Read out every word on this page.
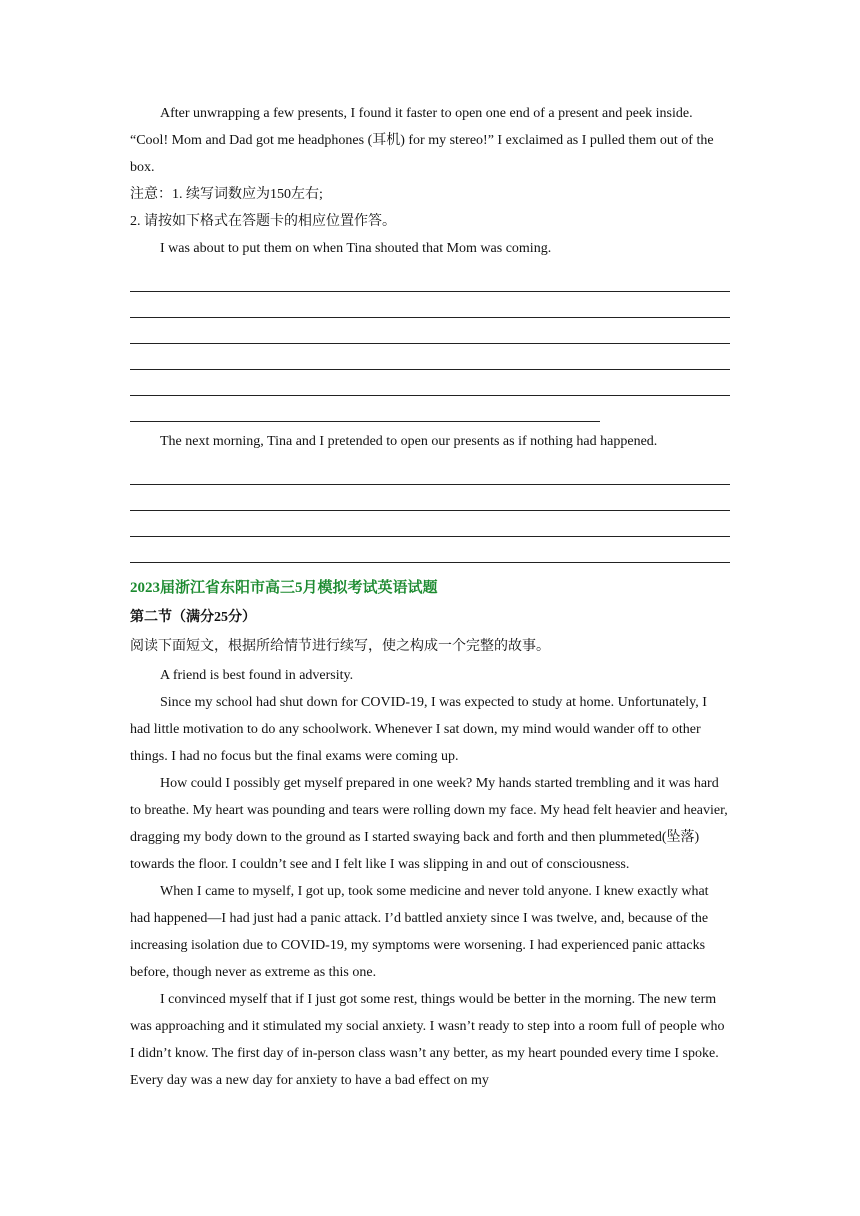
After unwrapping a few presents, I found it faster to open one end of a present and peek inside. “Cool! Mom and Dad got me headphones (耳机) for my stereo!” I exclaimed as I pulled them out of the box.

注意：1. 续写词数应为150左右;

2. 请按如下格式在答题卡的相应位置作答。

I was about to put them on when Tina shouted that Mom was coming.

The next morning, Tina and I pretended to open our presents as if nothing had happened.

2023届浙江省东阳市高三5月模拟考试英语试题

第二节（满分25分）

阅读下面短文，根据所给情节进行续写，使之构成一个完整的故事。

A friend is best found in adversity.

Since my school had shut down for COVID-19, I was expected to study at home. Unfortunately, I had little motivation to do any schoolwork. Whenever I sat down, my mind would wander off to other things. I had no focus but the final exams were coming up.

How could I possibly get myself prepared in one week? My hands started trembling and it was hard to breathe. My heart was pounding and tears were rolling down my face. My head felt heavier and heavier, dragging my body down to the ground as I started swaying back and forth and then plummeted(坠落) towards the floor. I couldn’t see and I felt like I was slipping in and out of consciousness.

When I came to myself, I got up, took some medicine and never told anyone. I knew exactly what had happened—I had just had a panic attack. I’d battled anxiety since I was twelve, and, because of the increasing isolation due to COVID-19, my symptoms were worsening. I had experienced panic attacks before, though never as extreme as this one.

I convinced myself that if I just got some rest, things would be better in the morning. The new term was approaching and it stimulated my social anxiety. I wasn’t ready to step into a room full of people who I didn’t know. The first day of in-person class wasn’t any better, as my heart pounded every time I spoke. Every day was a new day for anxiety to have a bad effect on my
